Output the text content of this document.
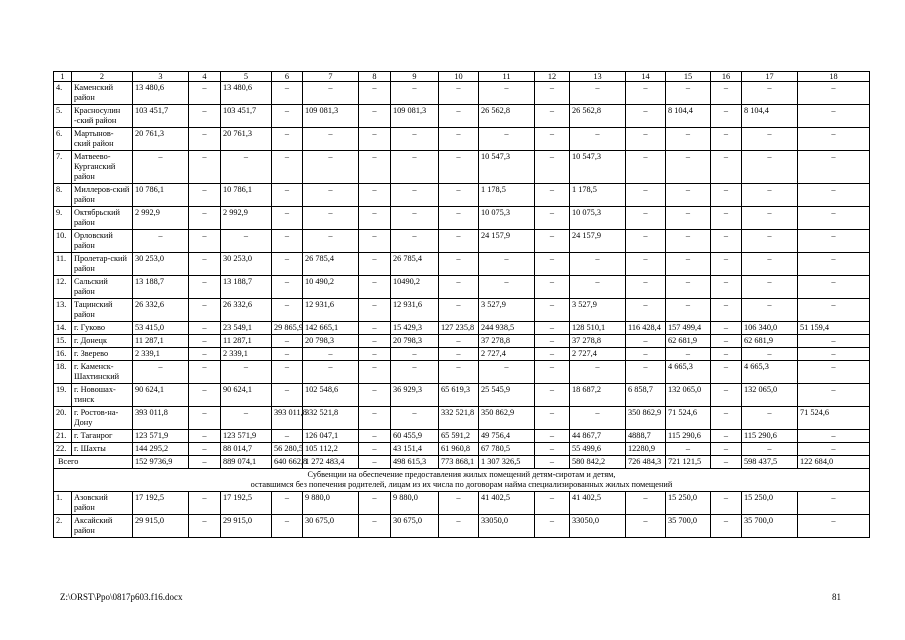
1	2	3	4	5	6	7	8	9	10	11	12	13	14	15	16	17	18
4.	Каменский район	13 480,6	–	13 480,6	–	–	–	–	–	–	–	–	–	–	–	–	–
5.	Красносулин -ский район	103 451,7	–	103 451,7	–	109 081,3	–	109 081,3	–	26 562,8	–	26 562,8	–	8 104,4	–	8 104,4	–
6.	Мартынов-ский район	20 761,3	–	20 761,3	–	–	–	–	–	–	–	–	–	–	–	–	–
7.	Матвеево-Курганский район	–	–	–	–	–	–	–	–	10 547,3	–	10 547,3	–	–	–	–	–
8.	Миллеров-ский район	10 786,1	–	10 786,1	–	–	–	–	–	1 178,5	–	1 178,5	–	–	–	–	–
9.	Октябрьский район	2 992,9	–	2 992,9	–	–	–	–	–	10 075,3	–	10 075,3	–	–	–	–	–
10.	Орловский район	–	–	–	–	–	–	–	–	24 157,9	–	24 157,9	–	–	–	–	–
11.	Пролетар-ский район	30 253,0	–	30 253,0	–	26 785,4	–	26 785,4	–	–	–	–	–	–	–	–	–
12.	Сальский район	13 188,7	–	13 188,7	–	10 490,2	–	10490,2	–	–	–	–	–	–	–	–	–
13.	Тацинский район	26 332,6	–	26 332,6	–	12 931,6	–	12 931,6	–	3 527,9	–	3 527,9	–	–	–	–	–
14.	г. Гуково	53 415,0	–	23 549,1	29 865,9	142 665,1	–	15 429,3	127 235,8	244 938,5	–	128 510,1	116 428,4	157 499,4	–	106 340,0	51 159,4
15.	г. Донецк	11 287,1	–	11 287,1	–	20 798,3	–	20 798,3	–	37 278,8	–	37 278,8	–	62 681,9	–	62 681,9	–
16.	г. Зверево	2 339,1	–	2 339,1	–	–	–	–	–	2 727,4	–	2 727,4	–	–	–	–	–
18.	г. Каменск-Шахтинский	–	–	–	–	–	–	–	–	–	–	–	–	4 665,3	–	4 665,3	–
19.	г. Новошах-тинск	90 624,1	–	90 624,1	–	102 548,6	–	36 929,3	65 619,3	25 545,9	–	18 687,2	6 858,7	132 065,0	–	132 065,0	–
20.	г. Ростов-на-Дону	393 011,8	–	–	393 011,8	332 521,8	–	–	332 521,8	350 862,9	–	–	350 862,9	71 524,6	–	–	71 524,6
21.	г. Таганрог	123 571,9	–	123 571,9	–	126 047,1	–	60 455,9	65 591,2	49 756,4	–	44 867,7	4888,7	115 290,6	–	115 290,6	–
22.	г. Шахты	144 295,2	–	88 014,7	56 280,5	105 112,2	–	43 151,4	61 960,8	67 780,5	–	55 499,6	12280,9	–	–	–	–
Всего		152 9736,9	–	889 074,1	640 662,8	1 272 483,4	–	498 615,3	773 868,1	1 307 326,5	–	580 842,2	726 484,3	721 121,5	–	598 437,5	122 684,0

Субвенции на обеспечение предоставления жилых помещений детям-сиротам и детям,
оставшимся без попечения родителей, лицам из их числа по договорам найма специализированных жилых помещений																	

1.	Азовский район	17 192,5	–	17 192,5	–	9 880,0	–	9 880,0	–	41 402,5	–	41 402,5	–	15 250,0	–	15 250,0	–
2.	Аксайский район	29 915,0	–	29 915,0	–	30 675,0	–	30 675,0	–	33050,0	–	33050,0	–	35 700,0	–	35 700,0	–
Z:\ORST\Ppo\0817p603.f16.docx	81
